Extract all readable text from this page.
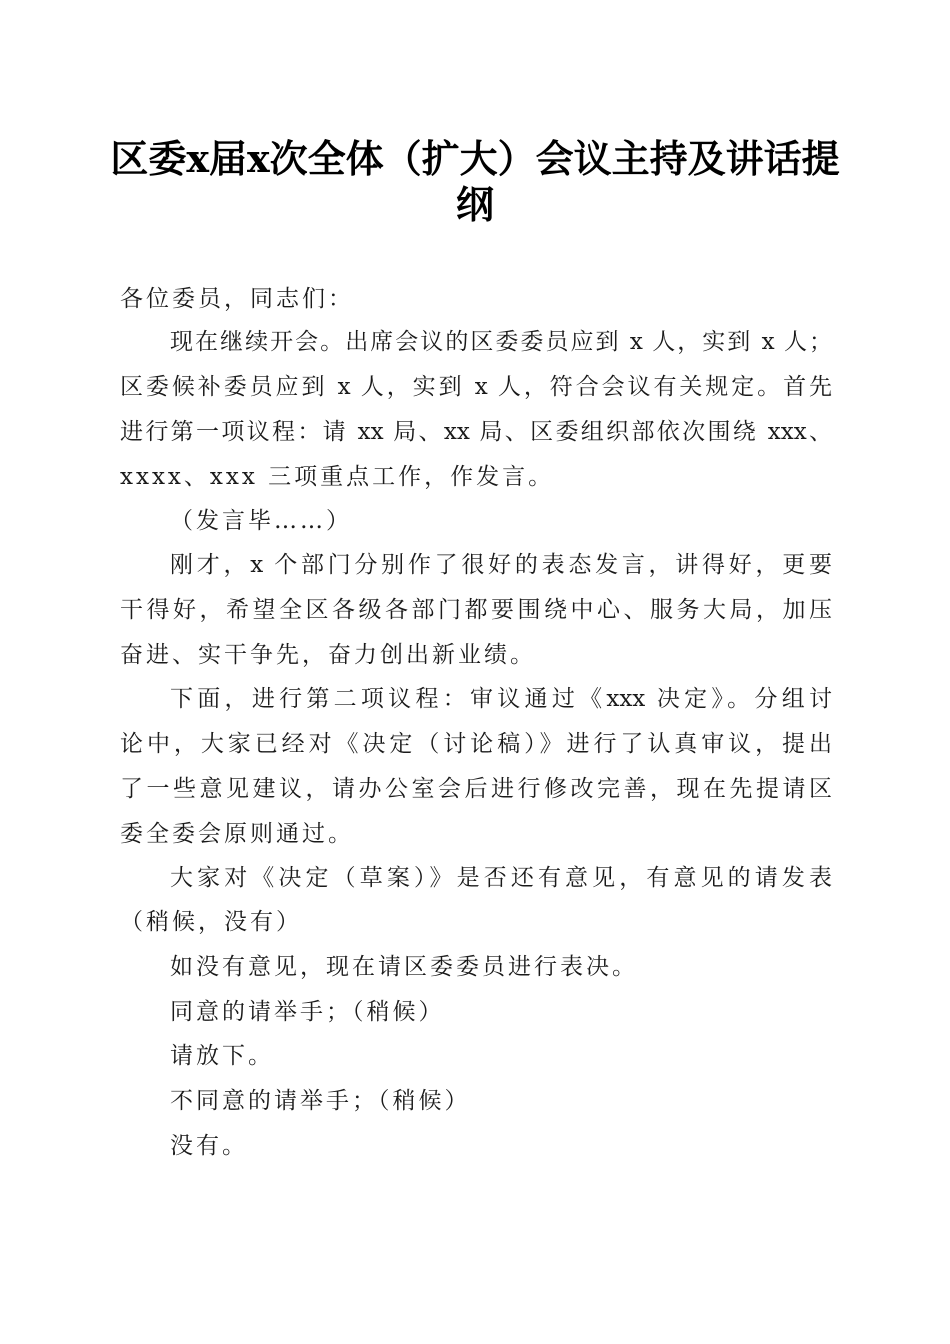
区委x届x次全体（扩大）会议主持及讲话提
纲
各位委员，同志们：
现在继续开会。出席会议的区委委员应到 x 人，实到 x 人；
区委候补委员应到 x 人，实到 x 人，符合会议有关规定。首先
进行第一项议程：请 xx 局、xx 局、区委组织部依次围绕 xxx、
xxxx、xxx 三项重点工作，作发言。
（发言毕……）
刚才，x 个部门分别作了很好的表态发言，讲得好，更要
干得好，希望全区各级各部门都要围绕中心、服务大局，加压
奋进、实干争先，奋力创出新业绩。
下面，进行第二项议程：审议通过《xxx 决定》。分组讨
论中，大家已经对《决定（讨论稿）》进行了认真审议，提出
了一些意见建议，请办公室会后进行修改完善，现在先提请区
委全委会原则通过。
大家对《决定（草案）》是否还有意见，有意见的请发表
（稍候，没有）
如没有意见，现在请区委委员进行表决。
同意的请举手；（稍候）
请放下。
不同意的请举手；（稍候）
没有。
